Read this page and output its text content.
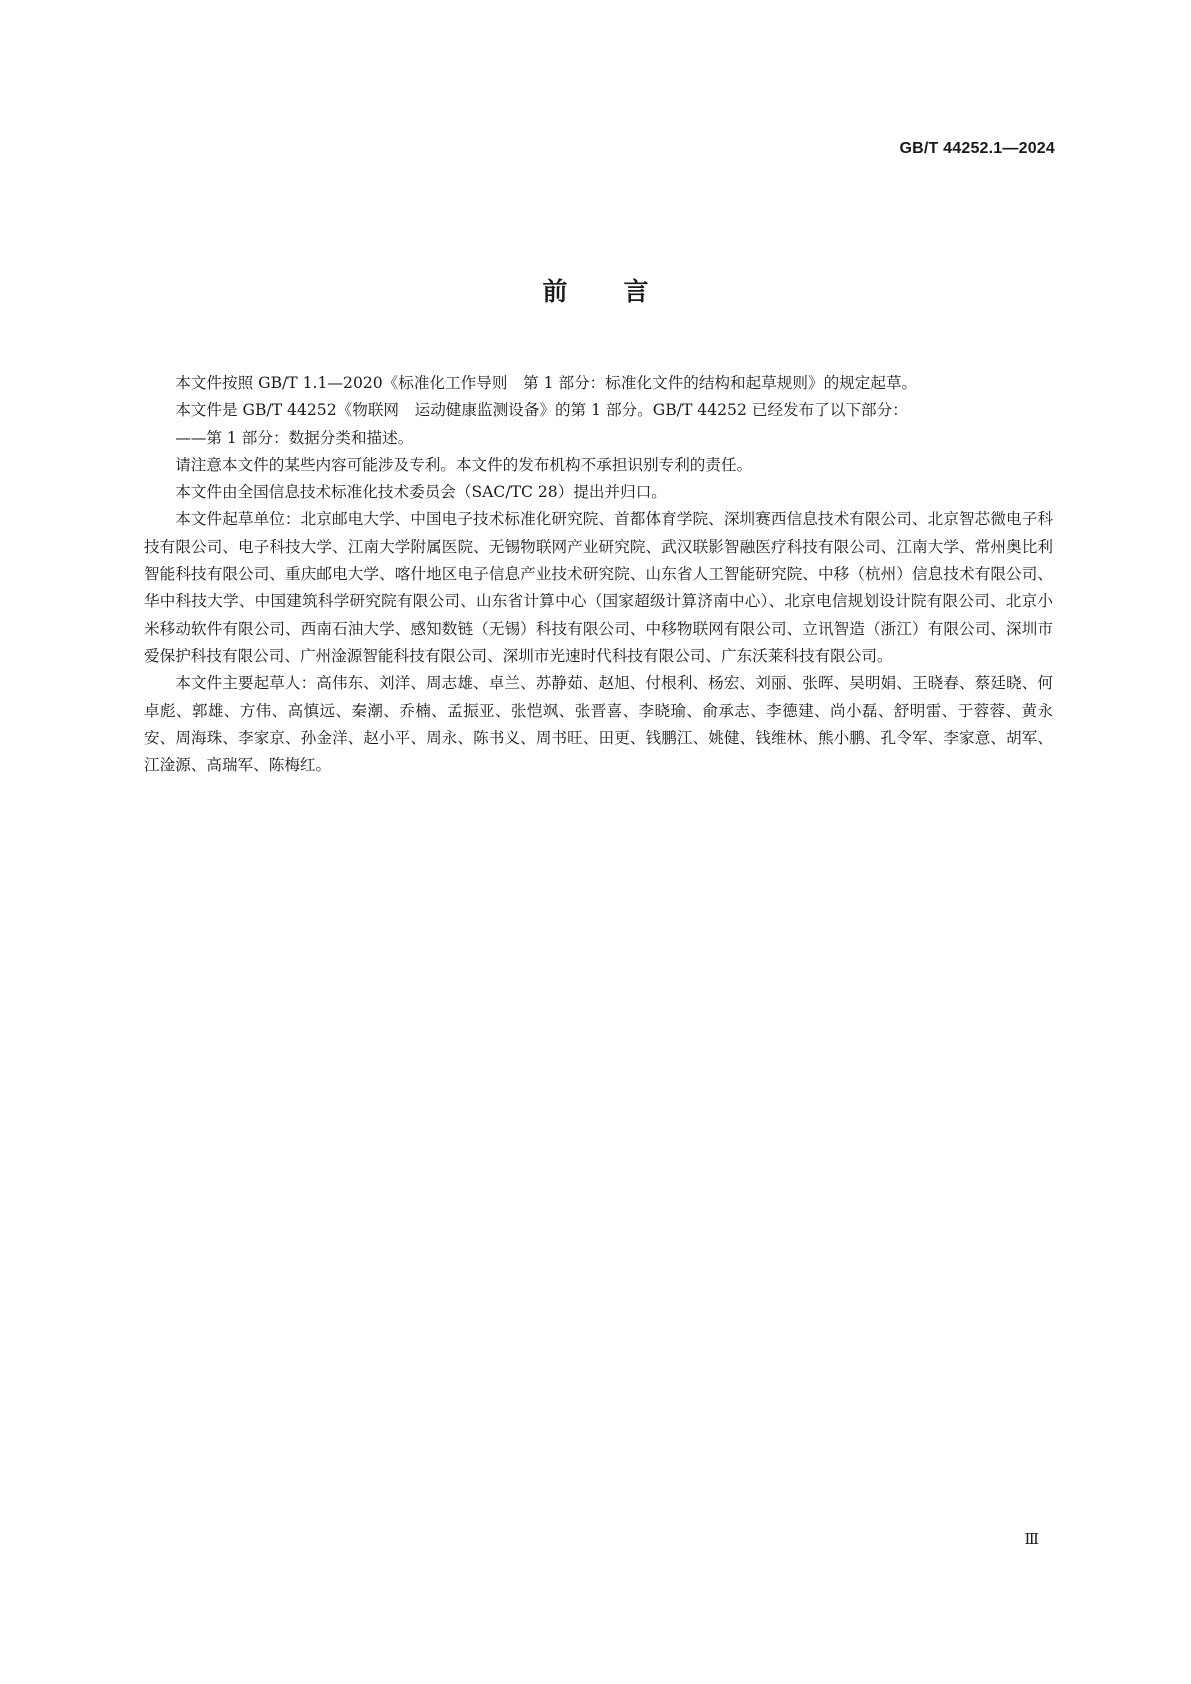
GB/T 44252.1—2024
前言

本文件按照 GB/T 1.1—2020《标准化工作导则　第 1 部分：标准化文件的结构和起草规则》的规定起草。

本文件是 GB/T 44252《物联网　运动健康监测设备》的第 1 部分。GB/T 44252 已经发布了以下部分：

——第 1 部分：数据分类和描述。

请注意本文件的某些内容可能涉及专利。本文件的发布机构不承担识别专利的责任。

本文件由全国信息技术标准化技术委员会（SAC/TC 28）提出并归口。

本文件起草单位：北京邮电大学、中国电子技术标准化研究院、首都体育学院、深圳赛西信息技术有限公司、北京智芯微电子科技有限公司、电子科技大学、江南大学附属医院、无锡物联网产业研究院、武汉联影智融医疗科技有限公司、江南大学、常州奥比利智能科技有限公司、重庆邮电大学、喀什地区电子信息产业技术研究院、山东省人工智能研究院、中移（杭州）信息技术有限公司、华中科技大学、中国建筑科学研究院有限公司、山东省计算中心（国家超级计算济南中心）、北京电信规划设计院有限公司、北京小米移动软件有限公司、西南石油大学、感知数链（无锡）科技有限公司、中移物联网有限公司、立讯智造（浙江）有限公司、深圳市爱保护科技有限公司、广州淦源智能科技有限公司、深圳市光速时代科技有限公司、广东沃莱科技有限公司。

本文件主要起草人：高伟东、刘洋、周志雄、卓兰、苏静茹、赵旭、付根利、杨宏、刘丽、张晖、吴明娟、王晓春、蔡廷晓、何卓彪、郭雄、方伟、高慎远、秦潮、乔楠、孟振亚、张恺飒、张晋喜、李晓瑜、俞承志、李德建、尚小磊、舒明雷、于蓉蓉、黄永安、周海珠、李家京、孙金洋、赵小平、周永、陈书义、周书旺、田更、钱鹏江、姚健、钱维林、熊小鹏、孔令军、李家意、胡军、江淦源、高瑞军、陈梅红。

Ⅲ
